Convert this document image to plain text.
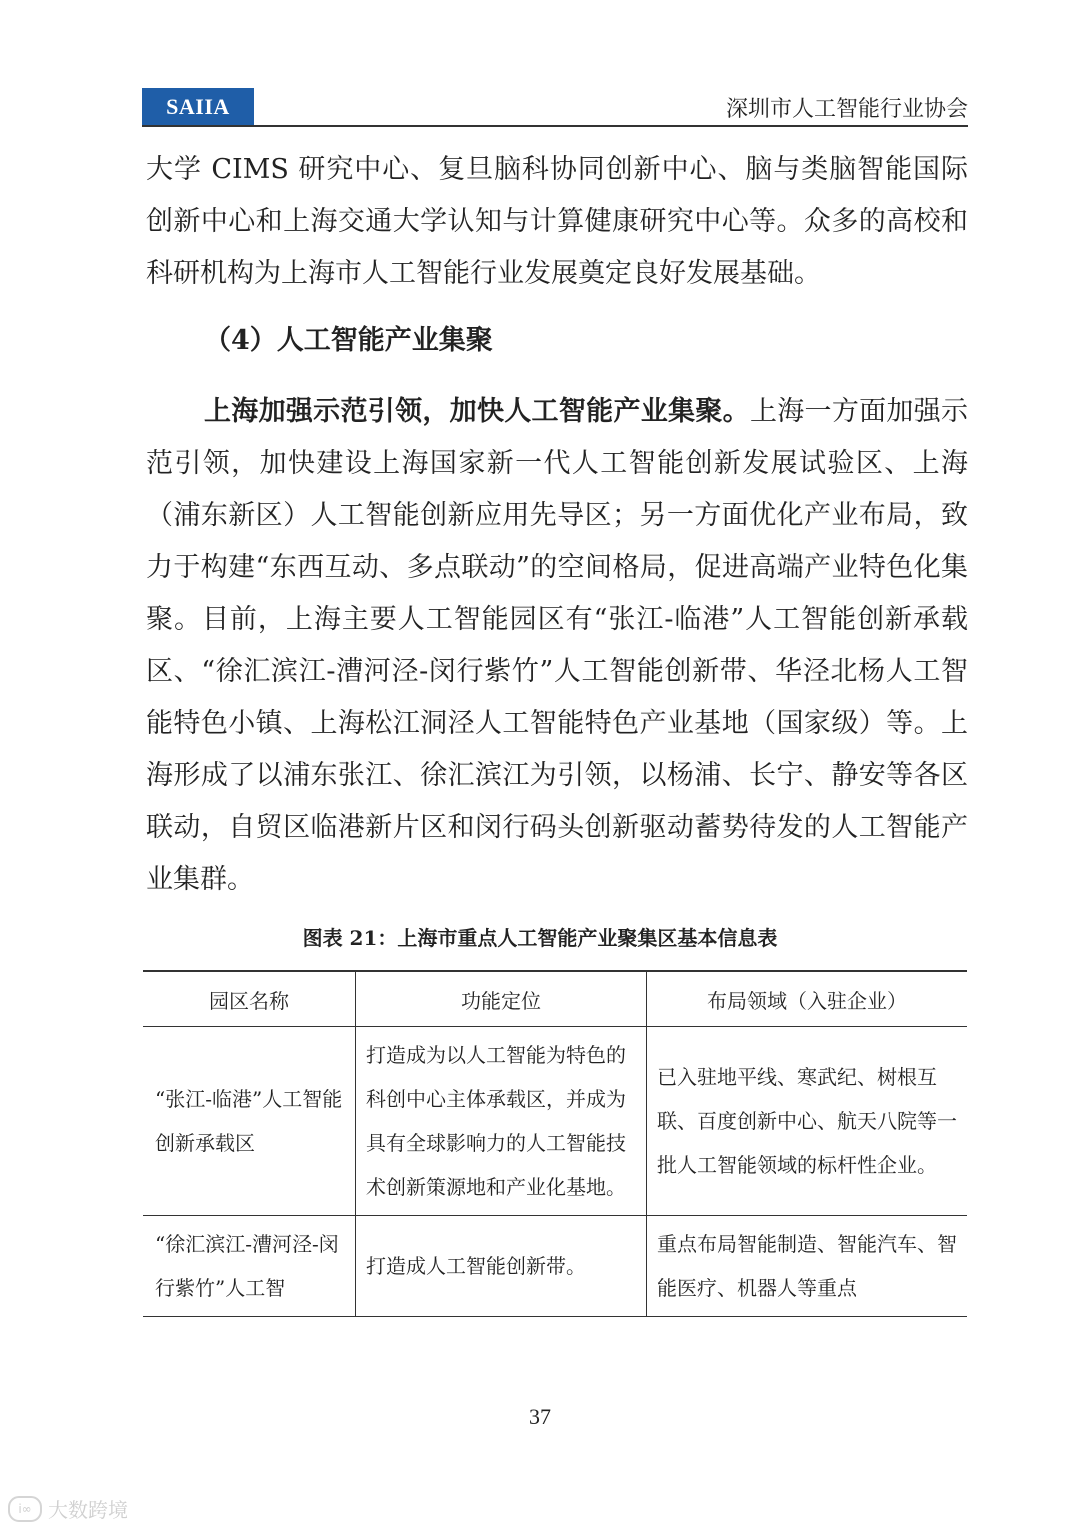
SAIIA	深圳市人工智能行业协会
大学 CIMS 研究中心、复旦脑科协同创新中心、脑与类脑智能国际创新中心和上海交通大学认知与计算健康研究中心等。众多的高校和科研机构为上海市人工智能行业发展奠定良好发展基础。
（4）人工智能产业集聚
上海加强示范引领，加快人工智能产业集聚。上海一方面加强示范引领，加快建设上海国家新一代人工智能创新发展试验区、上海（浦东新区）人工智能创新应用先导区；另一方面优化产业布局，致力于构建“东西互动、多点联动”的空间格局，促进高端产业特色化集聚。目前，上海主要人工智能园区有“张江-临港”人工智能创新承载区、“徐汇滨江-漕河泾-闵行紫竹”人工智能创新带、华泾北杨人工智能特色小镇、上海松江洞泾人工智能特色产业基地（国家级）等。上海形成了以浦东张江、徐汇滨江为引领，以杨浦、长宁、静安等各区联动，自贸区临港新片区和闵行码头创新驱动蓄势待发的人工智能产业集群。
图表 21：上海市重点人工智能产业聚集区基本信息表
园区名称	功能定位	布局领域（入驻企业）
“张江-临港”人工智能创新承载区	打造成为以人工智能为特色的科创中心主体承载区，并成为具有全球影响力的人工智能技术创新策源地和产业化基地。	已入驻地平线、寒武纪、树根互联、百度创新中心、航天八院等一批人工智能领域的标杆性企业。

“徐汇滨江-漕河泾-闵行紫竹”人工智	打造成人工智能创新带。	重点布局智能制造、智能汽车、智能医疗、机器人等重点
37
i∞ 大数跨境
